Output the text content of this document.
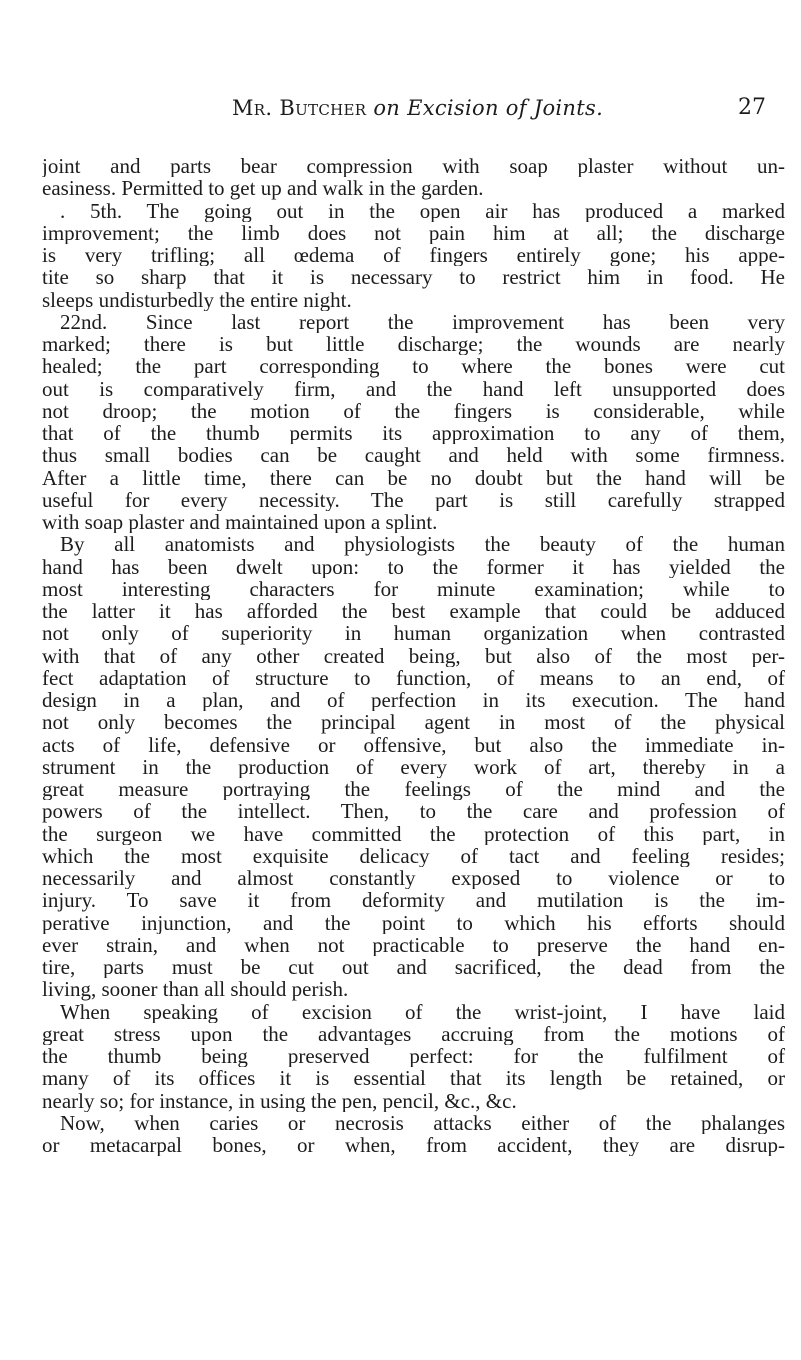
Mr. Butcher on Excision of Joints.	27
joint and parts bear compression with soap plaster without un-
easiness. Permitted to get up and walk in the garden.
. 5th. The going out in the open air has produced a marked
improvement; the limb does not pain him at all; the discharge
is very trifling; all œdema of fingers entirely gone; his appe-
tite so sharp that it is necessary to restrict him in food. He
sleeps undisturbedly the entire night.
22nd. Since last report the improvement has been very
marked; there is but little discharge; the wounds are nearly
healed; the part corresponding to where the bones were cut
out is comparatively firm, and the hand left unsupported does
not droop; the motion of the fingers is considerable, while
that of the thumb permits its approximation to any of them,
thus small bodies can be caught and held with some firmness.
After a little time, there can be no doubt but the hand will be
useful for every necessity. The part is still carefully strapped
with soap plaster and maintained upon a splint.
By all anatomists and physiologists the beauty of the human
hand has been dwelt upon: to the former it has yielded the
most interesting characters for minute examination; while to
the latter it has afforded the best example that could be adduced
not only of superiority in human organization when contrasted
with that of any other created being, but also of the most per-
fect adaptation of structure to function, of means to an end, of
design in a plan, and of perfection in its execution. The hand
not only becomes the principal agent in most of the physical
acts of life, defensive or offensive, but also the immediate in-
strument in the production of every work of art, thereby in a
great measure portraying the feelings of the mind and the
powers of the intellect. Then, to the care and profession of
the surgeon we have committed the protection of this part, in
which the most exquisite delicacy of tact and feeling resides;
necessarily and almost constantly exposed to violence or to
injury. To save it from deformity and mutilation is the im-
perative injunction, and the point to which his efforts should
ever strain, and when not practicable to preserve the hand en-
tire, parts must be cut out and sacrificed, the dead from the
living, sooner than all should perish.
When speaking of excision of the wrist-joint, I have laid
great stress upon the advantages accruing from the motions of
the thumb being preserved perfect: for the fulfilment of
many of its offices it is essential that its length be retained, or
nearly so; for instance, in using the pen, pencil, &c., &c.
Now, when caries or necrosis attacks either of the phalanges
or metacarpal bones, or when, from accident, they are disrup-
